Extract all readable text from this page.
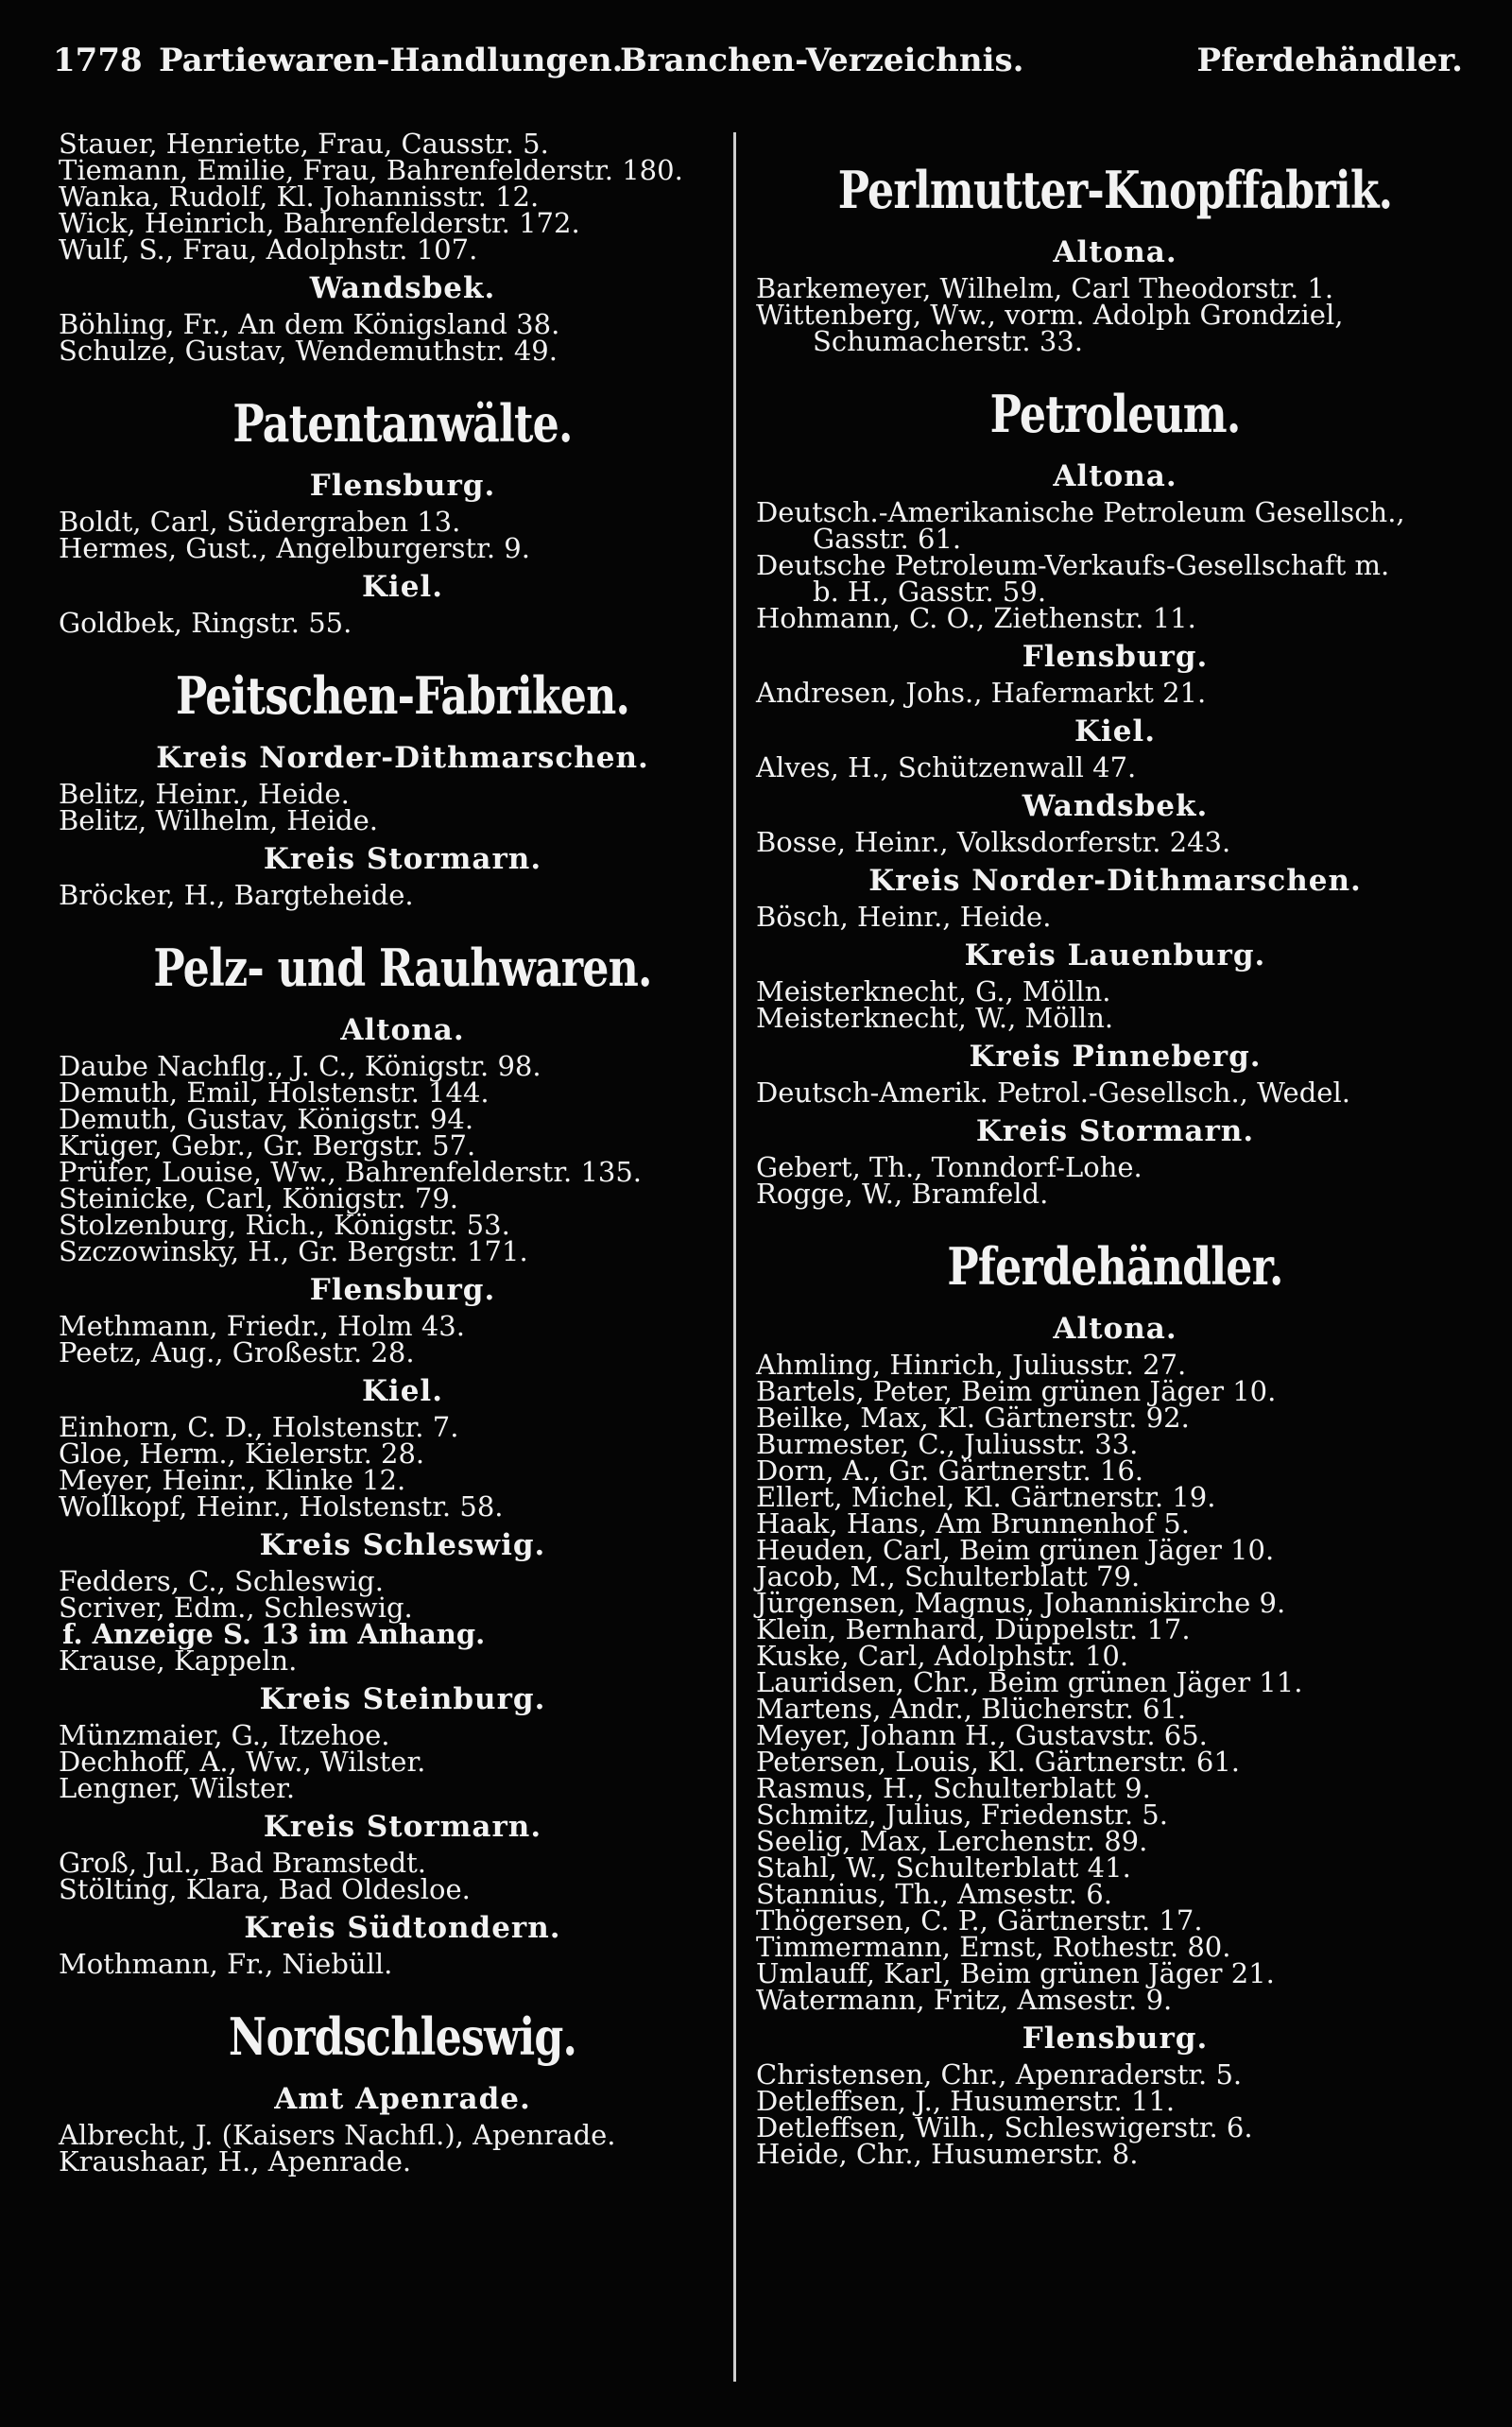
1778 Partiewaren-Handlungen.
Branchen-Verzeichnis.	Pferdehändler.
Stauer, Henriette, Frau, Causstr. 5.
Tiemann, Emilie, Frau, Bahrenfelderstr. 180.
Wanka, Rudolf, Kl. Johannisstr. 12.
Wick, Heinrich, Bahrenfelderstr. 172.
Wulf, S., Frau, Adolphstr. 107.
Wandsbek.
Böhling, Fr., An dem Königsland 38.
Schulze, Gustav, Wendemuthstr. 49.
Patentanwälte.
Flensburg.
Boldt, Carl, Südergraben 13.
Hermes, Gust., Angelburgerstr. 9.
Kiel.
Goldbek, Ringstr. 55.
Peitschen-Fabriken.
Kreis Norder-Dithmarschen.
Belitz, Heinr., Heide.
Belitz, Wilhelm, Heide.
Kreis Stormarn.
Bröcker, H., Bargteheide.
Pelz- und Rauhwaren.
Altona.
Daube Nachflg., J. C., Königstr. 98.
Demuth, Emil, Holstenstr. 144.
Demuth, Gustav, Königstr. 94.
Krüger, Gebr., Gr. Bergstr. 57.
Prüfer, Louise, Ww., Bahrenfelderstr. 135.
Steinicke, Carl, Königstr. 79.
Stolzenburg, Rich., Königstr. 53.
Szczowinsky, H., Gr. Bergstr. 171.
Flensburg.
Methmann, Friedr., Holm 43.
Peetz, Aug., Großestr. 28.
Kiel.
Einhorn, C. D., Holstenstr. 7.
Gloe, Herm., Kielerstr. 28.
Meyer, Heinr., Klinke 12.
Wollkopf, Heinr., Holstenstr. 58.
Kreis Schleswig.
Fedders, C., Schleswig.
Scriver, Edm., Schleswig.
f. Anzeige S. 13 im Anhang.
Krause, Kappeln.
Kreis Steinburg.
Münzmaier, G., Itzehoe.
Dechhoff, A., Ww., Wilster.
Lengner, Wilster.
Kreis Stormarn.
Groß, Jul., Bad Bramstedt.
Stölting, Klara, Bad Oldesloe.
Kreis Südtondern.
Mothmann, Fr., Niebüll.
Nordschleswig.
Amt Apenrade.
Albrecht, J. (Kaisers Nachfl.), Apenrade.
Kraushaar, H., Apenrade.
Perlmutter-Knopffabrik.
Altona.
Barkemeyer, Wilhelm, Carl Theodorstr. 1.
Wittenberg, Ww., vorm. Adolph Grondziel,
Schumacherstr. 33.
Petroleum.
Altona.
Deutsch.-Amerikanische Petroleum Gesellsch.,
Gasstr. 61.
Deutsche Petroleum-Verkaufs-Gesellschaft m.
b. H., Gasstr. 59.
Hohmann, C. O., Ziethenstr. 11.
Flensburg.
Andresen, Johs., Hafermarkt 21.
Kiel.
Alves, H., Schützenwall 47.
Wandsbek.
Bosse, Heinr., Volksdorferstr. 243.
Kreis Norder-Dithmarschen.
Bösch, Heinr., Heide.
Kreis Lauenburg.
Meisterknecht, G., Mölln.
Meisterknecht, W., Mölln.
Kreis Pinneberg.
Deutsch-Amerik. Petrol.-Gesellsch., Wedel.
Kreis Stormarn.
Gebert, Th., Tonndorf-Lohe.
Rogge, W., Bramfeld.
Pferdehändler.
Altona.
Ahmling, Hinrich, Juliusstr. 27.
Bartels, Peter, Beim grünen Jäger 10.
Beilke, Max, Kl. Gärtnerstr. 92.
Burmester, C., Juliusstr. 33.
Dorn, A., Gr. Gärtnerstr. 16.
Ellert, Michel, Kl. Gärtnerstr. 19.
Haak, Hans, Am Brunnenhof 5.
Heuden, Carl, Beim grünen Jäger 10.
Jacob, M., Schulterblatt 79.
Jürgensen, Magnus, Johanniskirche 9.
Klein, Bernhard, Düppelstr. 17.
Kuske, Carl, Adolphstr. 10.
Lauridsen, Chr., Beim grünen Jäger 11.
Martens, Andr., Blücherstr. 61.
Meyer, Johann H., Gustavstr. 65.
Petersen, Louis, Kl. Gärtnerstr. 61.
Rasmus, H., Schulterblatt 9.
Schmitz, Julius, Friedenstr. 5.
Seelig, Max, Lerchenstr. 89.
Stahl, W., Schulterblatt 41.
Stannius, Th., Amsestr. 6.
Thögersen, C. P., Gärtnerstr. 17.
Timmermann, Ernst, Rothestr. 80.
Umlauff, Karl, Beim grünen Jäger 21.
Watermann, Fritz, Amsestr. 9.
Flensburg.
Christensen, Chr., Apenraderstr. 5.
Detleffsen, J., Husumerstr. 11.
Detleffsen, Wilh., Schleswigerstr. 6.
Heide, Chr., Husumerstr. 8.
